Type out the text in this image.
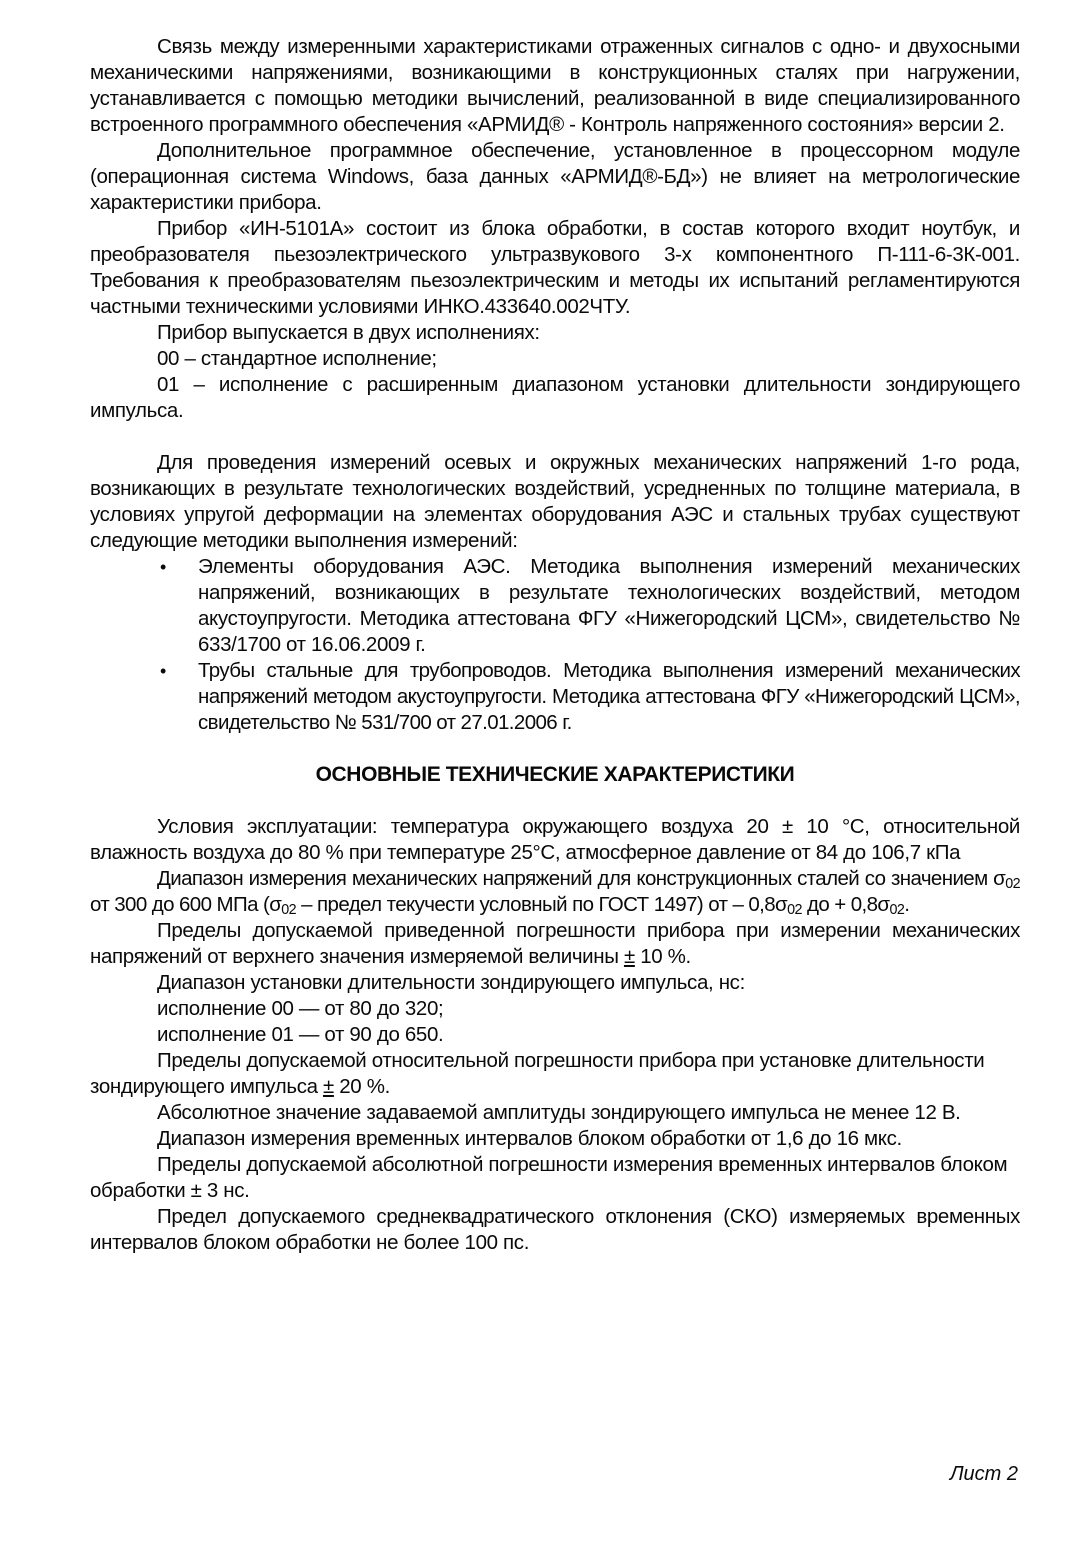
Связь между измеренными характеристиками отраженных сигналов с одно- и двухосными механическими напряжениями, возникающими в конструкционных сталях при нагружении, устанавливается с помощью методики вычислений, реализованной в виде специализированного встроенного программного обеспечения «АРМИД® - Контроль напряженного состояния» версии 2.

Дополнительное программное обеспечение, установленное в процессорном модуле (операционная система Windows, база данных «АРМИД®-БД») не влияет на метрологические характеристики прибора.

Прибор «ИН-5101А» состоит из блока обработки, в состав которого входит ноутбук, и преобразователя пьезоэлектрического ультразвукового 3-х компонентного П-111-6-3К-001. Требования к преобразователям пьезоэлектрическим и методы их испытаний регламентируются частными техническими условиями ИНКО.433640.002ЧТУ.

Прибор выпускается в двух исполнениях:

00 – стандартное исполнение;

01 – исполнение с расширенным диапазоном установки длительности зондирующего импульса.

Для проведения измерений осевых и окружных механических напряжений 1-го рода, возникающих в результате технологических воздействий, усредненных по толщине материала, в условиях упругой деформации на элементах оборудования АЭС и стальных трубах существуют следующие методики выполнения измерений:

• Элементы оборудования АЭС. Методика выполнения измерений механических напряжений, возникающих в результате технологических воздействий, методом акустоупругости. Методика аттестована ФГУ «Нижегородский ЦСМ», свидетельство № 633/1700 от 16.06.2009 г.
• Трубы стальные для трубопроводов. Методика выполнения измерений механических напряжений методом акустоупругости. Методика аттестована ФГУ «Нижегородский ЦСМ», свидетельство № 531/700 от 27.01.2006 г.
ОСНОВНЫЕ ТЕХНИЧЕСКИЕ ХАРАКТЕРИСТИКИ

Условия эксплуатации: температура окружающего воздуха 20 ± 10 °С, относительной влажность воздуха до 80 % при температуре 25°С, атмосферное давление от 84 до 106,7 кПа

Диапазон измерения механических напряжений для конструкционных сталей со значением $\sigma_{02}$ от 300 до 600 МПа ($\sigma_{02}$ – предел текучести условный по ГОСТ 1497) от – $0,8\sigma_{02}$ до + $0,8\sigma_{02}$.

Пределы допускаемой приведенной погрешности прибора при измерении механических напряжений от верхнего значения измеряемой величины ± 10 %.

Диапазон установки длительности зондирующего импульса, нс:

исполнение 00 — от 80 до 320;

исполнение 01 — от 90 до 650.

Пределы допускаемой относительной погрешности прибора при установке длительности зондирующего импульса ± 20 %.

Абсолютное значение задаваемой амплитуды зондирующего импульса не менее 12 В.

Диапазон измерения временных интервалов блоком обработки от 1,6 до 16 мкс.

Пределы допускаемой абсолютной погрешности измерения временных интервалов блоком обработки ± 3 нс.

Предел допускаемого среднеквадратического отклонения (СКО) измеряемых временных интервалов блоком обработки не более 100 пс.

Лист 2
